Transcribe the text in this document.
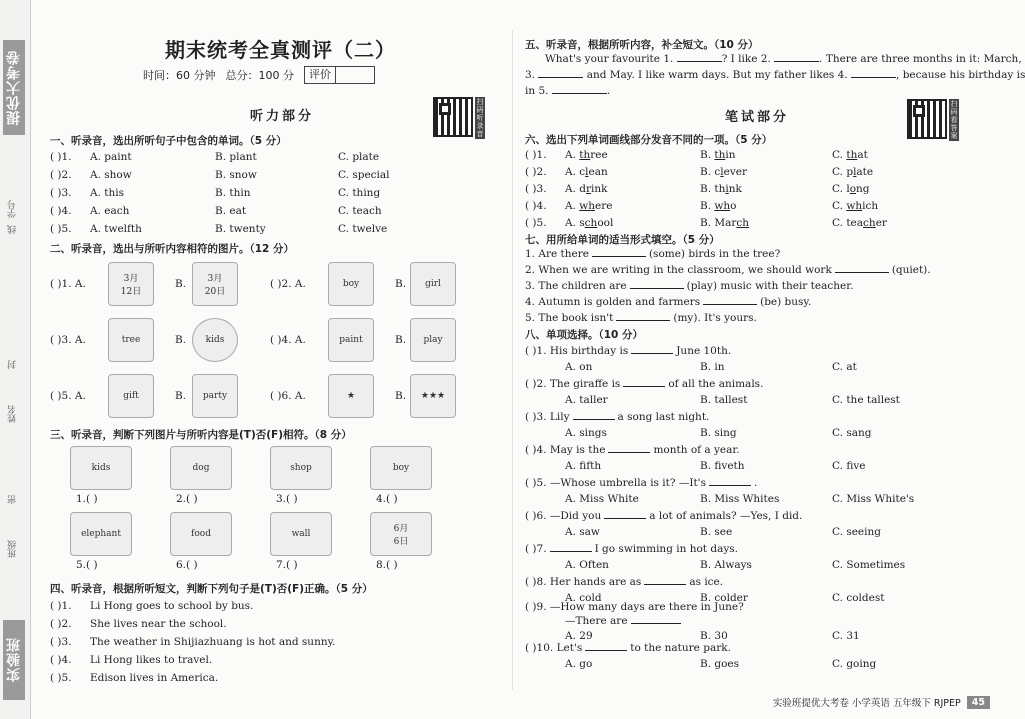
提优大考卷
学号
线
封
姓名
密
班级
实验班
期末统考全真测评（二）
时间：60 分钟 总分：100 分	评价
听力部分
扫码听录音
一、听录音，选出所听句子中包含的单词。（5 分）
( )1. A. paint	B. plant	C. plate
( )2. A. show	B. snow	C. special
( )3. A. this	B. thin	C. thing
( )4. A. each	B. eat	C. teach
( )5. A. twelfth	B. twenty	C. twelve
二、听录音，选出与所听内容相符的图片。（12 分）
( )1. A.	3月
12日
B.	3月
20日
( )2. A.	boy	B.	girl
( )3. A.	tree	B.	kids	( )4. A.	paint	B.	play
( )5. A.	gift	B.	party	( )6. A.	★	B.	★★★
三、听录音，判断下列图片与所听内容是(T)否(F)相符。（8 分）
kids
1.( )
dog
2.( )
shop
3.( )
boy
4.( )
elephant
5.( )
food
6.( )
wall
7.( )
6月
6日
8.( )
四、听录音，根据所听短文，判断下列句子是(T)否(F)正确。（5 分）
( )1. Li Hong goes to school by bus.
( )2. She lives near the school.
( )3. The weather in Shijiazhuang is hot and sunny.
( )4. Li Hong likes to travel.
( )5. Edison lives in America.
五、听录音，根据所听内容，补全短文。（10 分）
What's your favourite 1.	? I like 2.	. There are three months in it: March,
3.	and May. I like warm days. But my father likes 4.	, because his birthday is
in 5.	.
笔试部分
扫码看答案
六、选出下列单词画线部分发音不同的一项。（5 分）
( )1. A. three	B. thin	C. that
( )2. A. clean	B. clever	C. plate
( )3. A. drink	B. think	C. long
( )4. A. where	B. who	C. which
( )5. A. school	B. March	C. teacher
七、用所给单词的适当形式填空。（5 分）
1. Are there	(some) birds in the tree?
2. When we are writing in the classroom, we should work	(quiet).
3. The children are	(play) music with their teacher.
4. Autumn is golden and farmers	(be) busy.
5. The book isn't	(my). It's yours.
八、单项选择。（10 分）
( )1. His birthday is	June 10th.
A. on	B. in	C. at
( )2. The giraffe is	of all the animals.
A. taller	B. tallest	C. the tallest
( )3. Lily	a song last night.
A. sings	B. sing	C. sang
( )4. May is the	month of a year.
A. fifth	B. fiveth	C. five
( )5. —Whose umbrella is it? —It's	.
A. Miss White	B. Miss Whites	C. Miss White's
( )6. —Did you	a lot of animals? —Yes, I did.
A. saw	B. see	C. seeing
( )7.	I go swimming in hot days.
A. Often	B. Always	C. Sometimes
( )8. Her hands are as	as ice.
A. cold	B. colder	C. coldest
( )9. —How many days are there in June?
—There are
A. 29	B. 30	C. 31
( )10. Let's	to the nature park.
A. go	B. goes	C. going
实验班提优大考卷 小学英语 五年级下 RJPEP	45
